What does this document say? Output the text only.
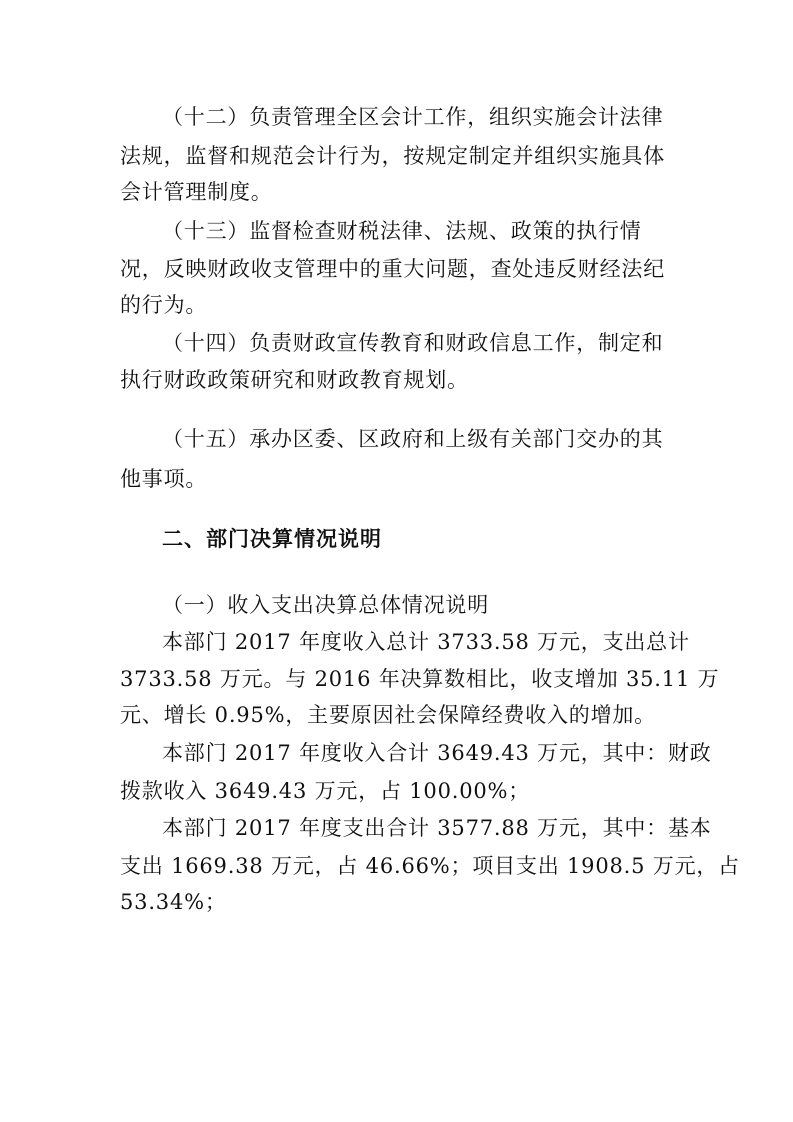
（十二）负责管理全区会计工作，组织实施会计法律
法规，监督和规范会计行为，按规定制定并组织实施具体
会计管理制度。
（十三）监督检查财税法律、法规、政策的执行情
况，反映财政收支管理中的重大问题，查处违反财经法纪
的行为。
（十四）负责财政宣传教育和财政信息工作，制定和
执行财政政策研究和财政教育规划。
（十五）承办区委、区政府和上级有关部门交办的其
他事项。
二、部门决算情况说明
（一）收入支出决算总体情况说明
本部门 2017 年度收入总计 3733.58 万元，支出总计
3733.58 万元。与 2016 年决算数相比，收支增加 35.11 万
元、增长 0.95%，主要原因社会保障经费收入的增加。
本部门 2017 年度收入合计 3649.43 万元，其中：财政
拨款收入 3649.43 万元，占 100.00%；
本部门 2017 年度支出合计 3577.88 万元，其中：基本
支出 1669.38 万元，占 46.66%；项目支出 1908.5 万元，占
53.34%；
